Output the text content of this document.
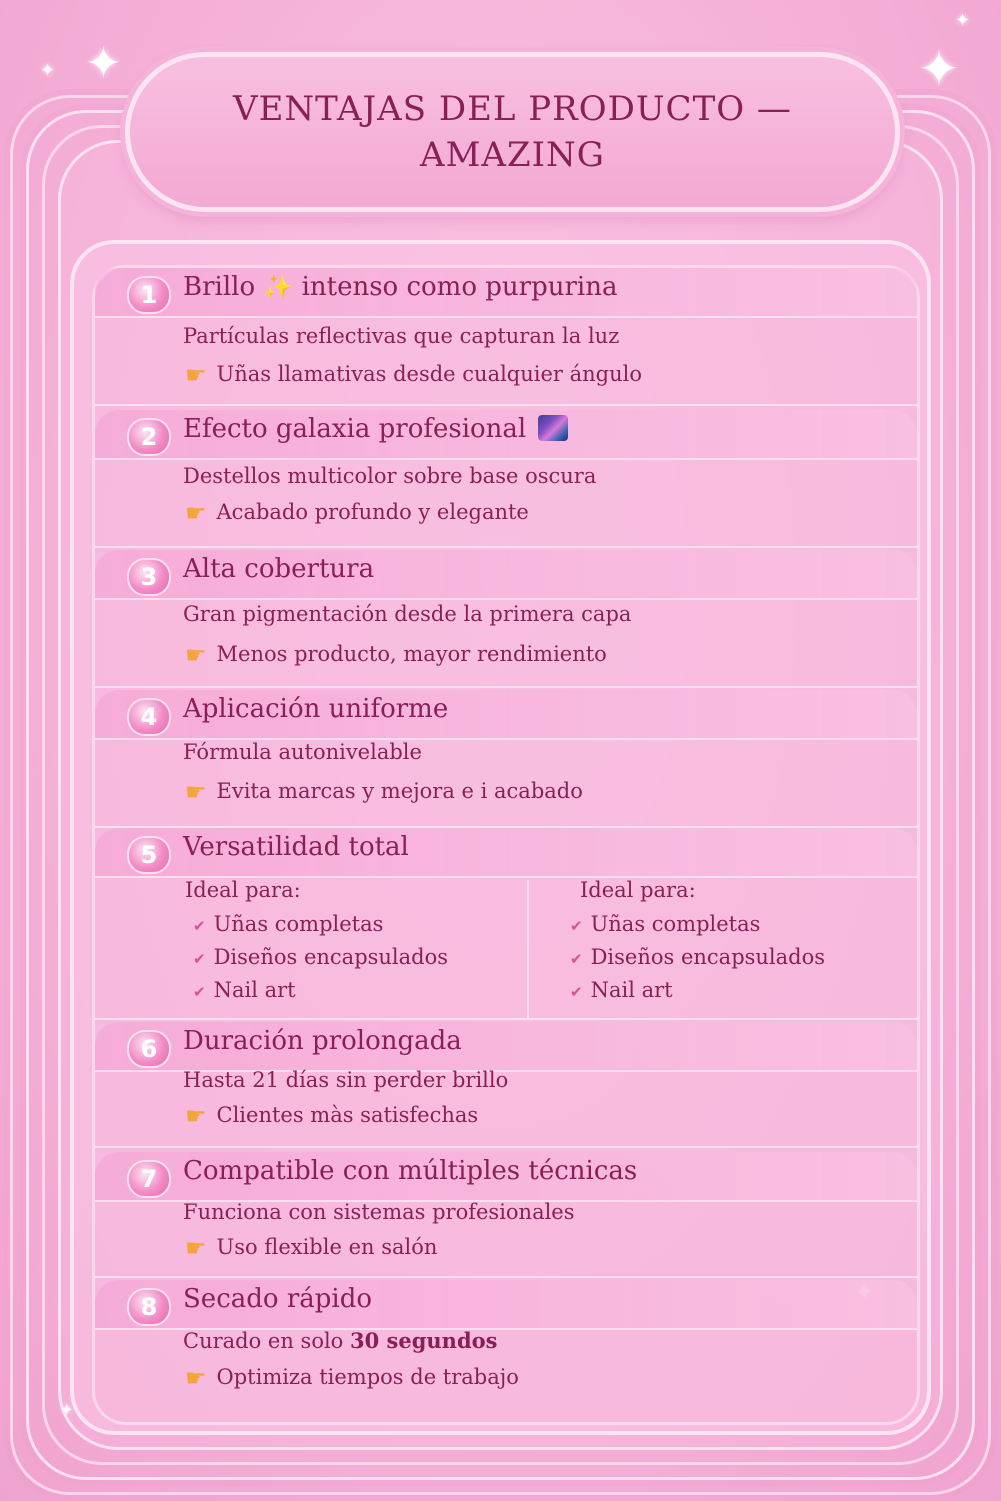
✦	✦
✦
✦
✦
VENTAJAS DEL PRODUCTO —
AMAZING
1 Brillo ✨ intenso como purpurina
Partículas reflectivas que capturan la luz
☛ Uñas llamativas desde cualquier ángulo
2 Efecto galaxia profesional
Destellos multicolor sobre base oscura
☛ Acabado profundo y elegante
3 Alta cobertura
Gran pigmentación desde la primera capa
☛ Menos producto, mayor rendimiento
4 Aplicación uniforme
Fórmula autonivelable
☛ Evita marcas y mejora e i acabado
5 Versatilidad total
Ideal para:
✔ Uñas completas
✔ Diseños encapsulados
✔ Nail art
Ideal para:
✔ Uñas completas
✔ Diseños encapsulados
✔ Nail art
6 Duración prolongada
Hasta 21 días sin perder brillo
☛ Clientes màs satisfechas
7 Compatible con múltiples técnicas
Funciona con sistemas profesionales
☛ Uso flexible en salón
8 Secado rápido
Curado en solo 30 segundos
☛ Optimiza tiempos de trabajo
